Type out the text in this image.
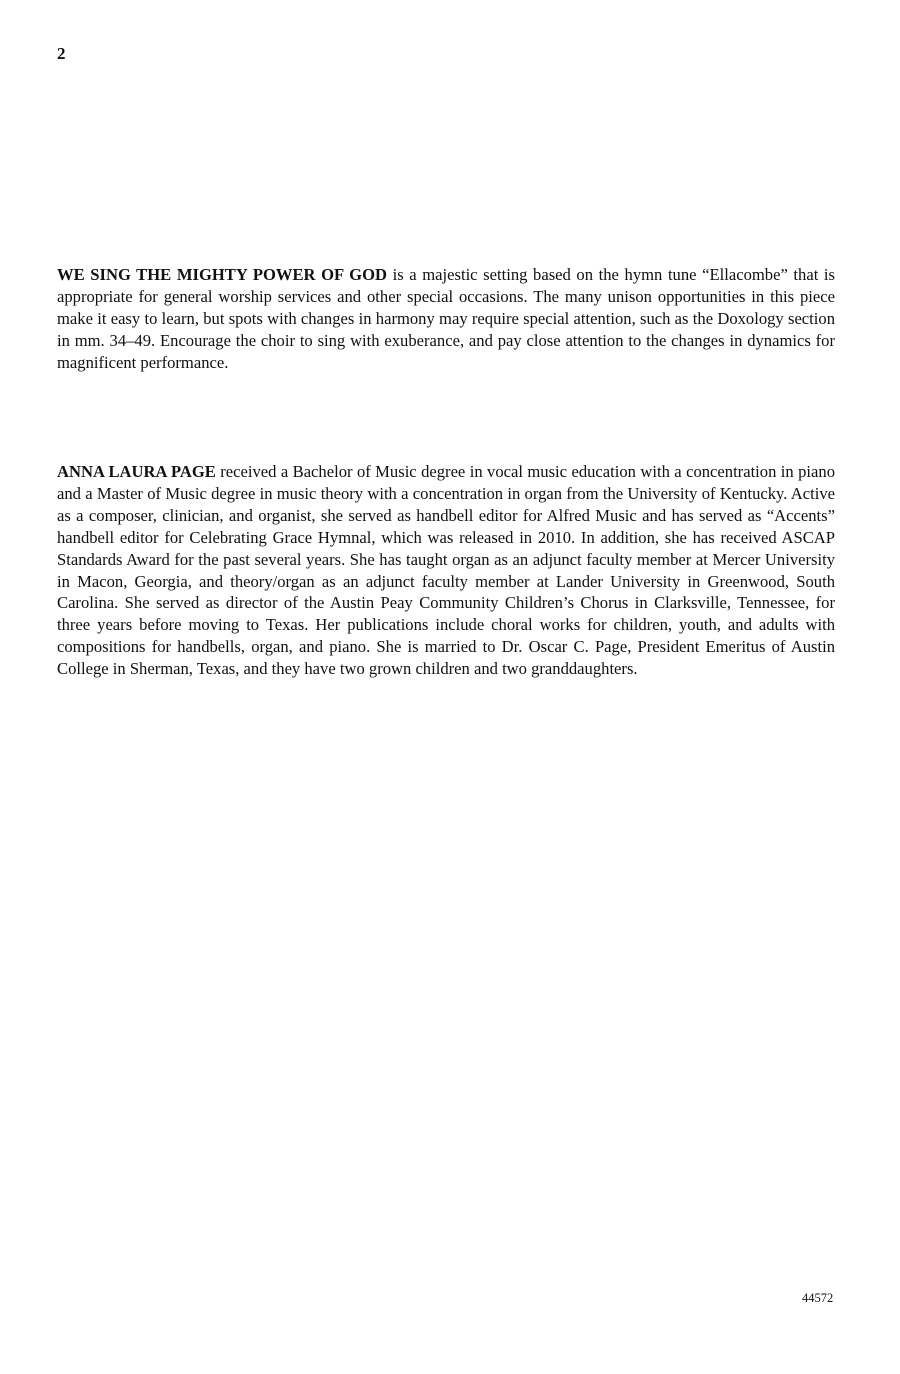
2

WE SING THE MIGHTY POWER OF GOD is a majestic setting based on the hymn tune “Ellacombe” that is appropriate for general worship services and other special occasions. The many unison opportunities in this piece make it easy to learn, but spots with changes in harmony may require special attention, such as the Doxology section in mm. 34–49. Encourage the choir to sing with exuberance, and pay close attention to the changes in dynamics for magnificent performance.

ANNA LAURA PAGE received a Bachelor of Music degree in vocal music education with a concentration in piano and a Master of Music degree in music theory with a concentration in organ from the University of Kentucky. Active as a composer, clinician, and organist, she served as handbell editor for Alfred Music and has served as “Accents” handbell editor for Celebrating Grace Hymnal, which was released in 2010. In addition, she has received ASCAP Standards Award for the past several years. She has taught organ as an adjunct faculty member at Mercer University in Macon, Georgia, and theory/organ as an adjunct faculty member at Lander University in Greenwood, South Carolina. She served as director of the Austin Peay Community Children’s Chorus in Clarksville, Tennessee, for three years before moving to Texas. Her publications include choral works for children, youth, and adults with compositions for handbells, organ, and piano. She is married to Dr. Oscar C. Page, President Emeritus of Austin College in Sherman, Texas, and they have two grown children and two granddaughters.

44572
